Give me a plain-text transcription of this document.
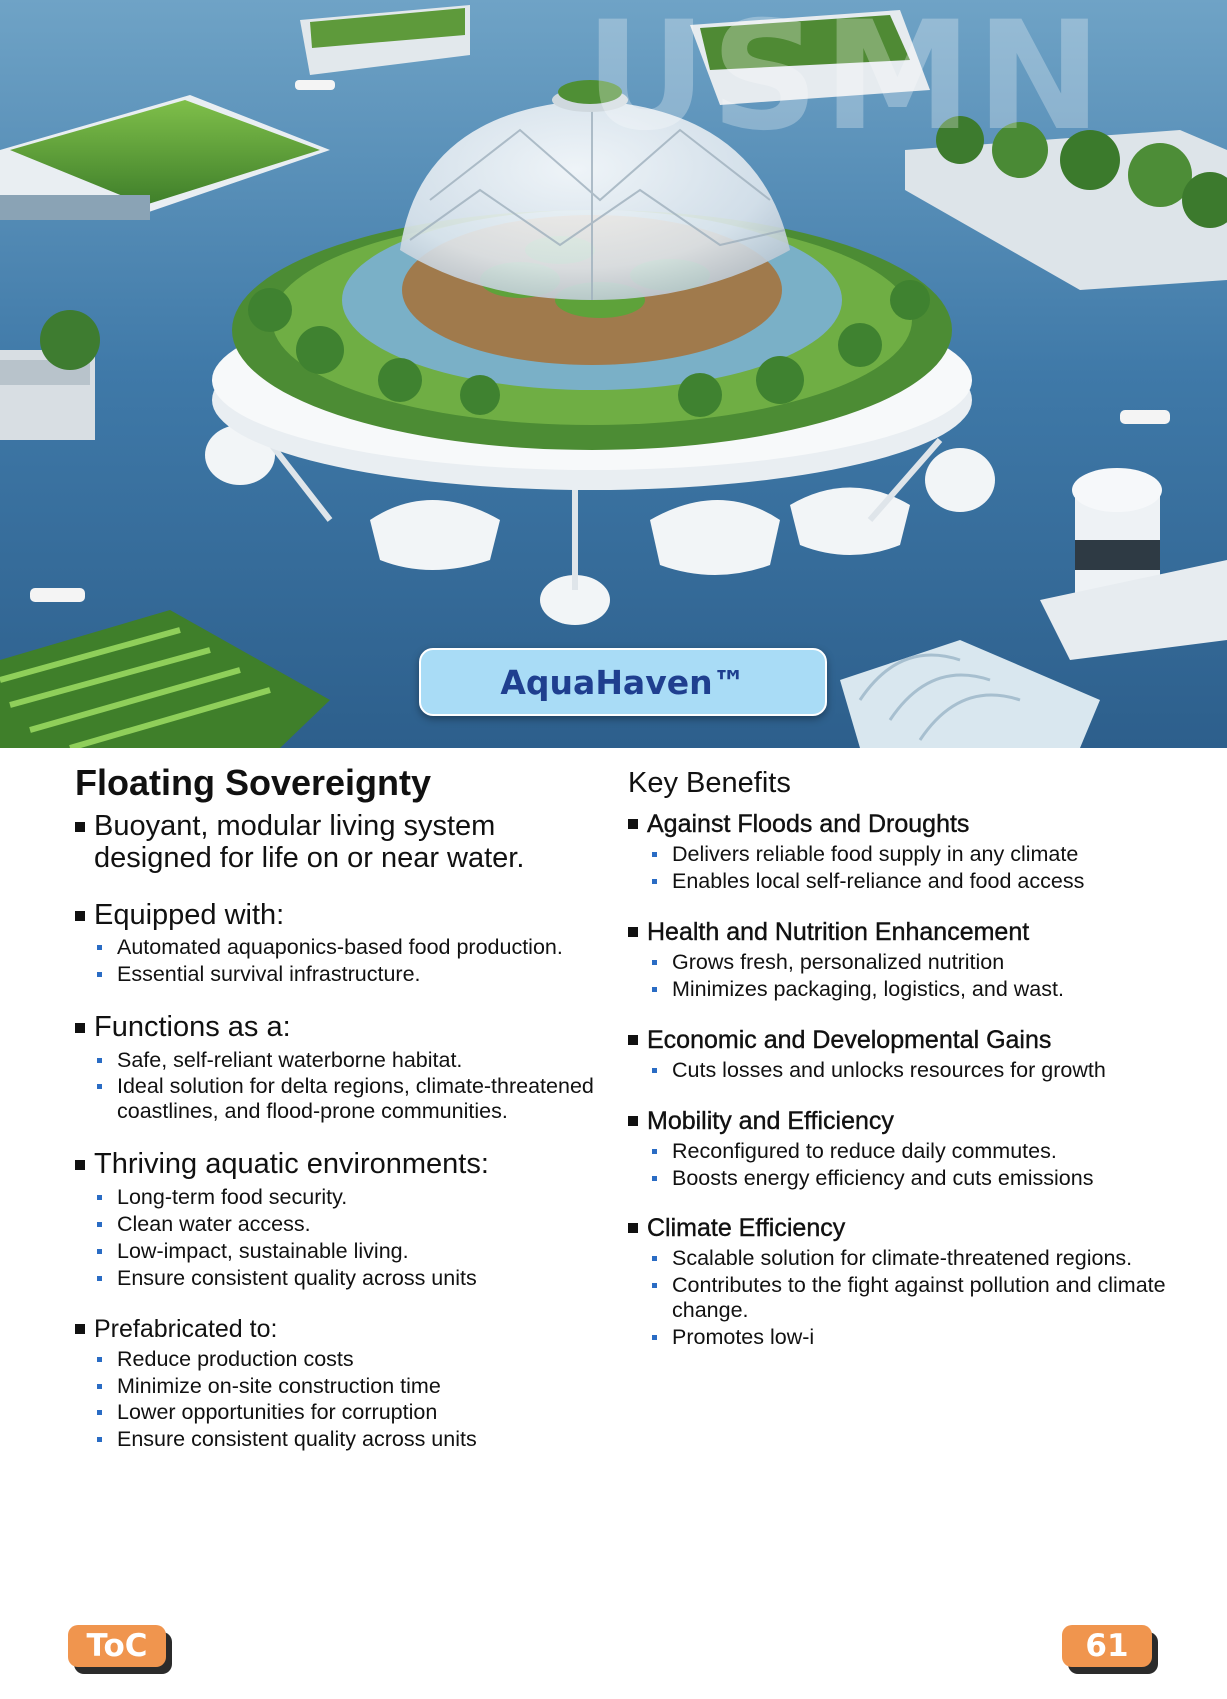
USMN
AquaHaven™
Floating Sovereignty
Buoyant, modular living system designed for life on or near water.
Equipped with:
Automated aquaponics-based food production.
Essential survival infrastructure.
Functions as a:
Safe, self-reliant waterborne habitat.
Ideal solution for delta regions, climate-threatened coastlines, and flood-prone communities.
Thriving aquatic environments:
Long-term food security.
Clean water access.
Low-impact, sustainable living.
Ensure consistent quality across units
Prefabricated to:
Reduce production costs
Minimize on-site construction time
Lower opportunities for corruption
Ensure consistent quality across units
Key Benefits
Against Floods and Droughts
Delivers reliable food supply in any climate
Enables local self-reliance and food access
Health and Nutrition Enhancement
Grows fresh, personalized nutrition
Minimizes packaging, logistics, and wast.
Economic and Developmental Gains
Cuts losses and unlocks resources for growth
Mobility and Efficiency
Reconfigured to reduce daily commutes.
Boosts energy efficiency and cuts emissions
Climate Efficiency
Scalable solution for climate-threatened regions.
Contributes to the fight against pollution and climate change.
Promotes low-i
ToC	61
